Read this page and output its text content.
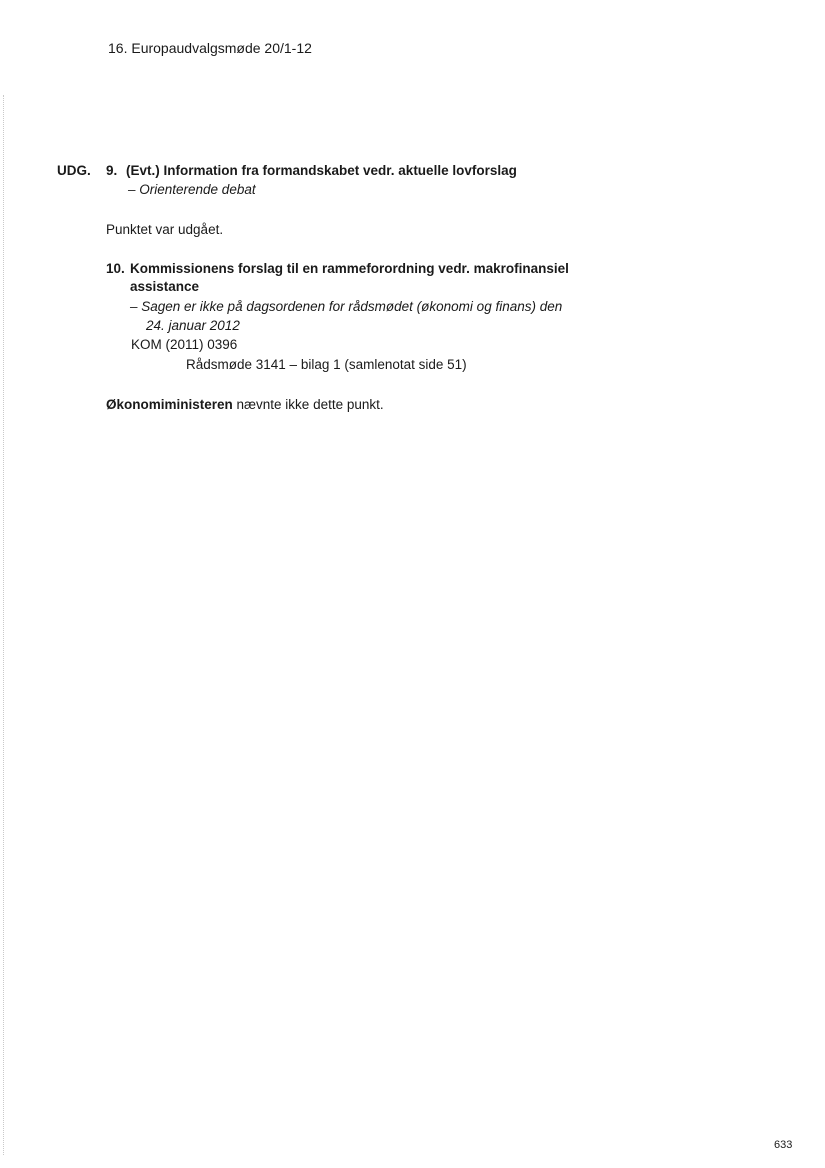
16. Europaudvalgsmøde 20/1-12
UDG. 9. (Evt.) Information fra formandskabet vedr. aktuelle lovforslag
– Orienterende debat
Punktet var udgået.
10. Kommissionens forslag til en rammeforordning vedr. makrofinansiel
assistance
– Sagen er ikke på dagsordenen for rådsmødet (økonomi og finans) den
24. januar 2012
KOM (2011) 0396
Rådsmøde 3141 – bilag 1 (samlenotat side 51)
Økonomiministeren nævnte ikke dette punkt.
633
